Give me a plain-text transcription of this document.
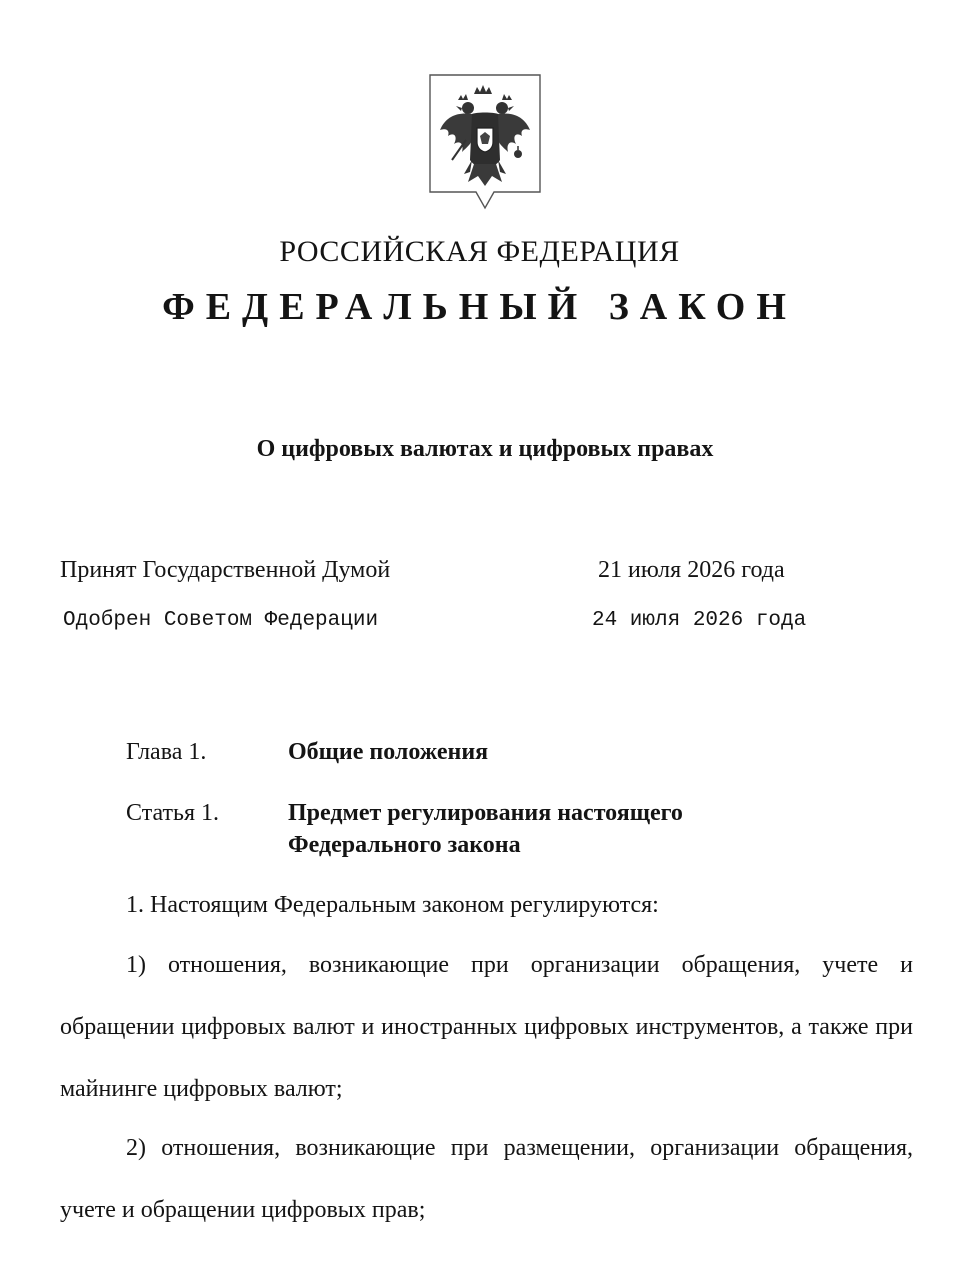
РОССИЙСКАЯ ФЕДЕРАЦИЯ
ФЕДЕРАЛЬНЫЙ ЗАКОН
О цифровых валютах и цифровых правах
Принят Государственной Думой	21 июля 2026 года
Одобрен Советом Федерации	24 июля 2026 года
Глава 1.	Общие положения
Статья 1.	Предмет регулирования настоящего
Федерального закона
1. Настоящим Федеральным законом регулируются:
1) отношения, возникающие при организации обращения, учете и обращении цифровых валют и иностранных цифровых инструментов, а также при майнинге цифровых валют;
2) отношения, возникающие при размещении, организации обращения, учете и обращении цифровых прав;
